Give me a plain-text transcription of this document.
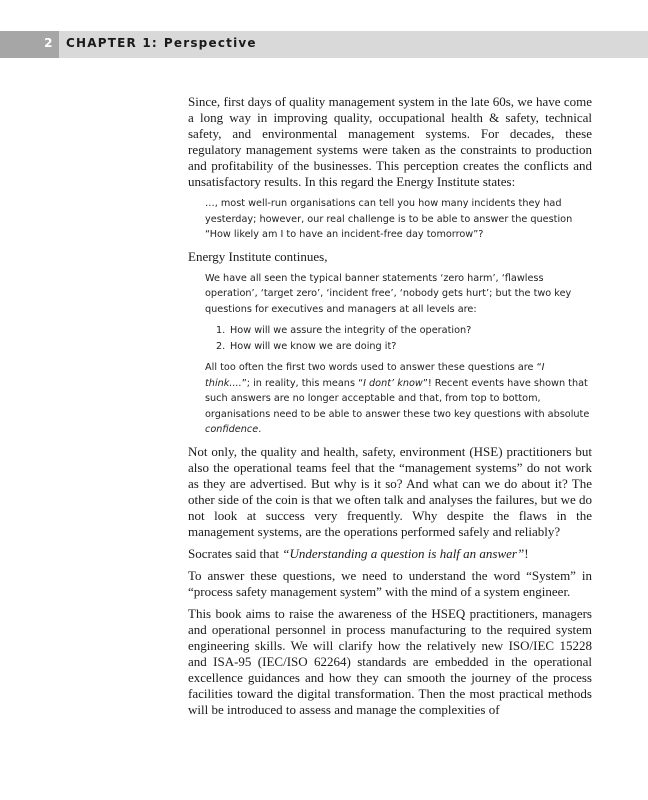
2 CHAPTER 1: Perspective

Since, first days of quality management system in the late 60s, we have come a long way in improving quality, occupational health & safety, technical safety, and environmental management systems. For decades, these regulatory management systems were taken as the constraints to production and profitability of the businesses. This perception creates the conflicts and unsatisfactory results. In this regard the Energy Institute states:

…, most well-run organisations can tell you how many incidents they had yesterday; however, our real challenge is to be able to answer the question “How likely am I to have an incident-free day tomorrow”?

Energy Institute continues,

We have all seen the typical banner statements ‘zero harm’, ‘flawless operation’, ‘target zero’, ‘incident free’, ‘nobody gets hurt’; but the two key questions for executives and managers at all levels are:

1. How will we assure the integrity of the operation?
2. How will we know we are doing it?

All too often the first two words used to answer these questions are “I think....”; in reality, this means “I dont’ know”! Recent events have shown that such answers are no longer acceptable and that, from top to bottom, organisations need to be able to answer these two key questions with absolute confidence.

Not only, the quality and health, safety, environment (HSE) practitioners but also the operational teams feel that the “management systems” do not work as they are advertised. But why is it so? And what can we do about it? The other side of the coin is that we often talk and analyses the failures, but we do not look at success very frequently. Why despite the flaws in the management systems, are the operations performed safely and reliably?

Socrates said that “Understanding a question is half an answer”!

To answer these questions, we need to understand the word “System” in “process safety management system” with the mind of a system engineer.

This book aims to raise the awareness of the HSEQ practitioners, managers and operational personnel in process manufacturing to the required system engineering skills. We will clarify how the relatively new ISO/IEC 15228 and ISA-95 (IEC/ISO 62264) standards are embedded in the operational excellence guidances and how they can smooth the journey of the process facilities toward the digital transformation. Then the most practical methods will be introduced to assess and manage the complexities of
